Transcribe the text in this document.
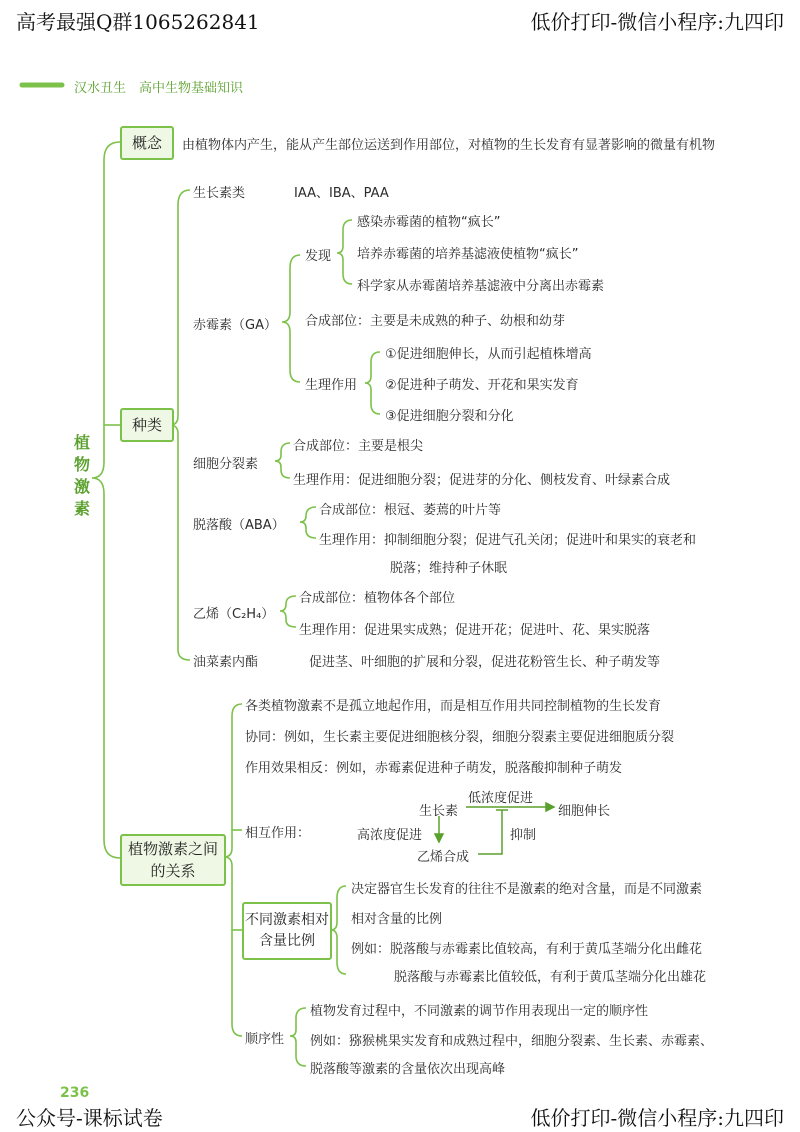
高考最强Q群1065262841	低价打印-微信小程序:九四印
汉水丑生　高中生物基础知识
236
公众号-课标试卷	低价打印-微信小程序:九四印
植物激素
概念	由植物体内产生，能从产生部位运送到作用部位，对植物的生长发育有显著影响的微量有机物
种类
生长素类	IAA、IBA、PAA
赤霉素（GA）
发现
感染赤霉菌的植物“疯长”
培养赤霉菌的培养基滤液使植物“疯长”
科学家从赤霉菌培养基滤液中分离出赤霉素
合成部位：主要是未成熟的种子、幼根和幼芽
生理作用
①促进细胞伸长，从而引起植株增高
②促进种子萌发、开花和果实发育
③促进细胞分裂和分化
细胞分裂素
合成部位：主要是根尖
生理作用：促进细胞分裂；促进芽的分化、侧枝发育、叶绿素合成
脱落酸（ABA）
合成部位：根冠、萎蔫的叶片等
生理作用：抑制细胞分裂；促进气孔关闭；促进叶和果实的衰老和
脱落；维持种子休眠
乙烯（C₂H₄）
合成部位：植物体各个部位
生理作用：促进果实成熟；促进开花；促进叶、花、果实脱落
油菜素内酯	促进茎、叶细胞的扩展和分裂，促进花粉管生长、种子萌发等
植物激素之间的关系
各类植物激素不是孤立地起作用，而是相互作用共同控制植物的生长发育
协同：例如，生长素主要促进细胞核分裂，细胞分裂素主要促进细胞质分裂
作用效果相反：例如，赤霉素促进种子萌发，脱落酸抑制种子萌发
相互作用：
生长素
低浓度促进
细胞伸长
高浓度促进	抑制
乙烯合成
不同激素相对含量比例
决定器官生长发育的往往不是激素的绝对含量，而是不同激素
相对含量的比例
例如：脱落酸与赤霉素比值较高，有利于黄瓜茎端分化出雌花
脱落酸与赤霉素比值较低，有利于黄瓜茎端分化出雄花
顺序性
植物发育过程中，不同激素的调节作用表现出一定的顺序性
例如：猕猴桃果实发育和成熟过程中，细胞分裂素、生长素、赤霉素、
脱落酸等激素的含量依次出现高峰
